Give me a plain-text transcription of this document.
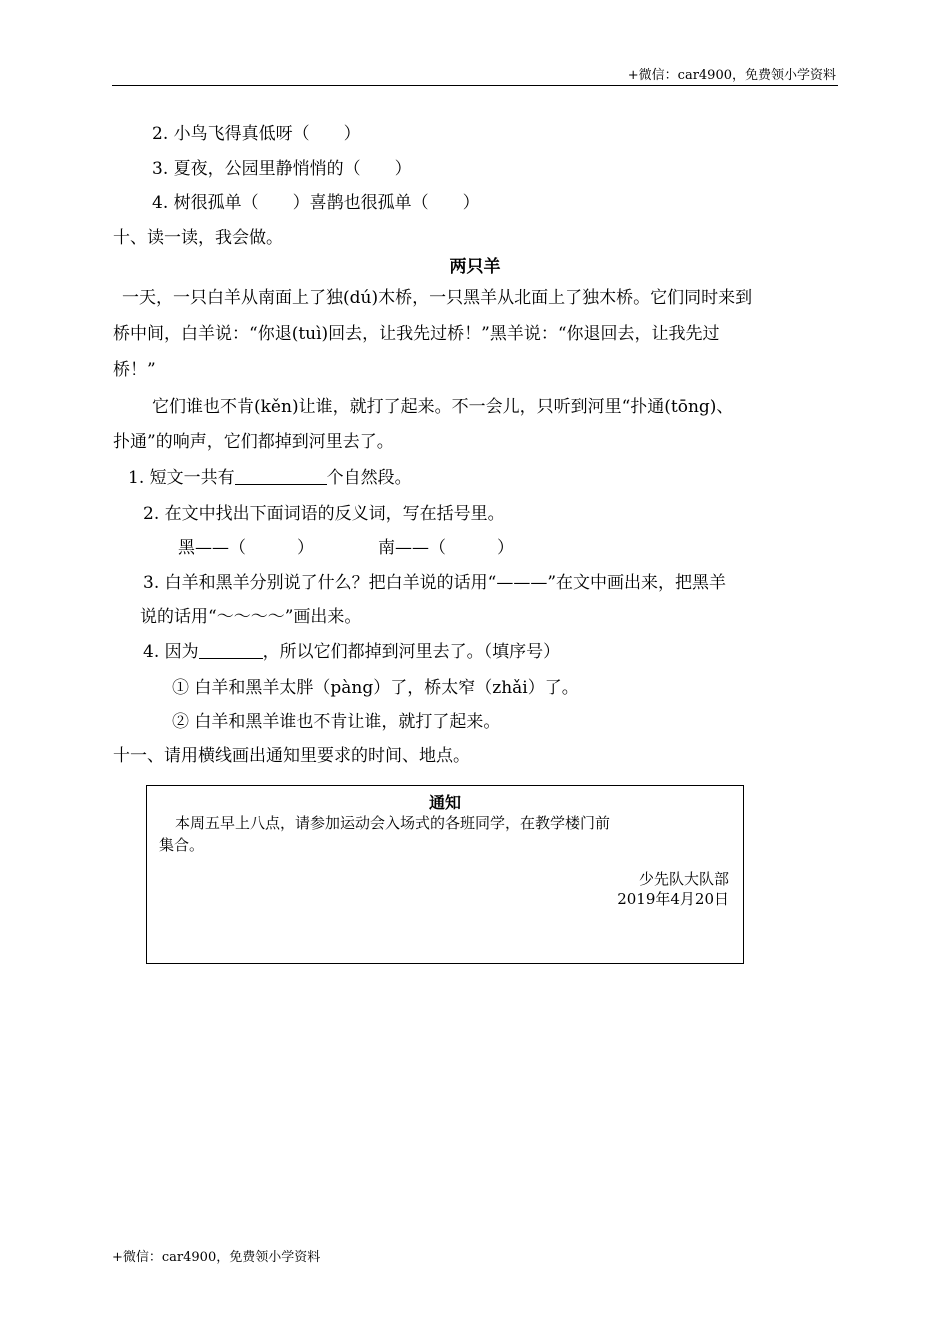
+微信：car4900，免费领小学资料
2. 小鸟飞得真低呀（　　）
3. 夏夜，公园里静悄悄的（　　）
4. 树很孤单（　　）喜鹊也很孤单（　　）
十、读一读，我会做。
两只羊
一天，一只白羊从南面上了独(dú)木桥，一只黑羊从北面上了独木桥。它们同时来到
桥中间，白羊说：“你退(tuì)回去，让我先过桥！”黑羊说：“你退回去，让我先过
桥！”
它们谁也不肯(kěn)让谁，就打了起来。不一会儿，只听到河里“扑通(tōng)、
扑通”的响声，它们都掉到河里去了。
1. 短文一共有	个自然段。
2. 在文中找出下面词语的反义词，写在括号里。
黑——（　　　）	南——（　　　）
3. 白羊和黑羊分别说了什么？把白羊说的话用“———”在文中画出来，把黑羊
说的话用“～～～～”画出来。
4. 因为	，所以它们都掉到河里去了。（填序号）
① 白羊和黑羊太胖（pàng）了，桥太窄（zhǎi）了。
② 白羊和黑羊谁也不肯让谁，就打了起来。
十一、请用横线画出通知里要求的时间、地点。
通知
本周五早上八点，请参加运动会入场式的各班同学，在教学楼门前
集合。
少先队大队部
2019年4月20日
+微信：car4900，免费领小学资料
